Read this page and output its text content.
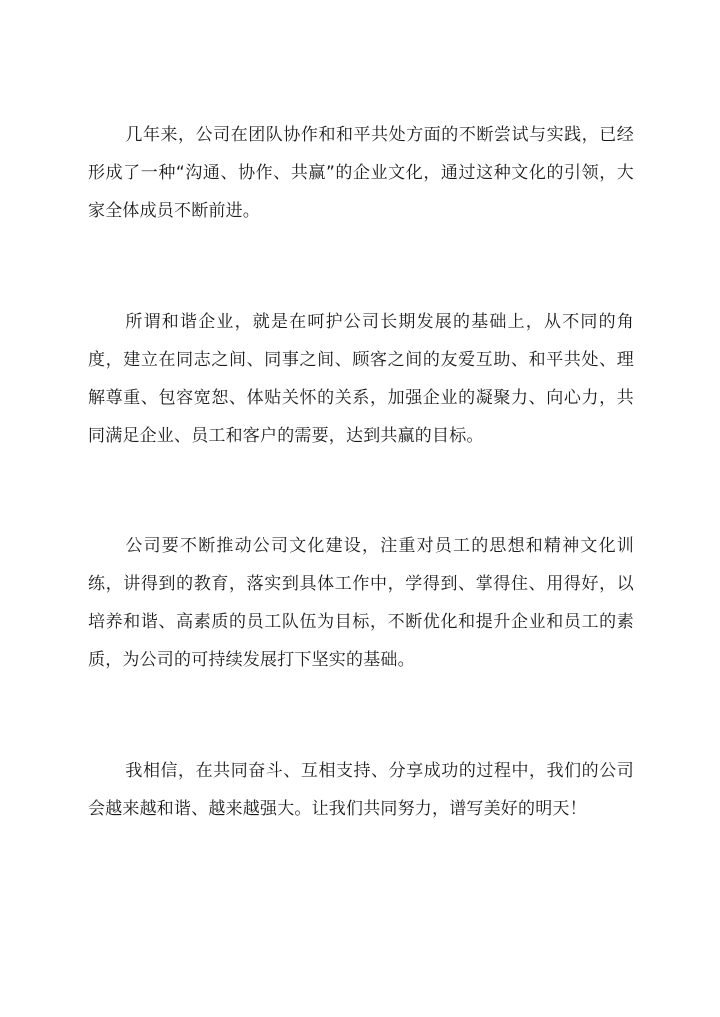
几年来，公司在团队协作和和平共处方面的不断尝试与实践，已经形成了一种“沟通、协作、共赢”的企业文化，通过这种文化的引领，大家全体成员不断前进。

所谓和谐企业，就是在呵护公司长期发展的基础上，从不同的角度，建立在同志之间、同事之间、顾客之间的友爱互助、和平共处、理解尊重、包容宽恕、体贴关怀的关系，加强企业的凝聚力、向心力，共同满足企业、员工和客户的需要，达到共赢的目标。

公司要不断推动公司文化建设，注重对员工的思想和精神文化训练，讲得到的教育，落实到具体工作中，学得到、掌得住、用得好，以培养和谐、高素质的员工队伍为目标，不断优化和提升企业和员工的素质，为公司的可持续发展打下坚实的基础。

我相信，在共同奋斗、互相支持、分享成功的过程中，我们的公司会越来越和谐、越来越强大。让我们共同努力，谱写美好的明天！
